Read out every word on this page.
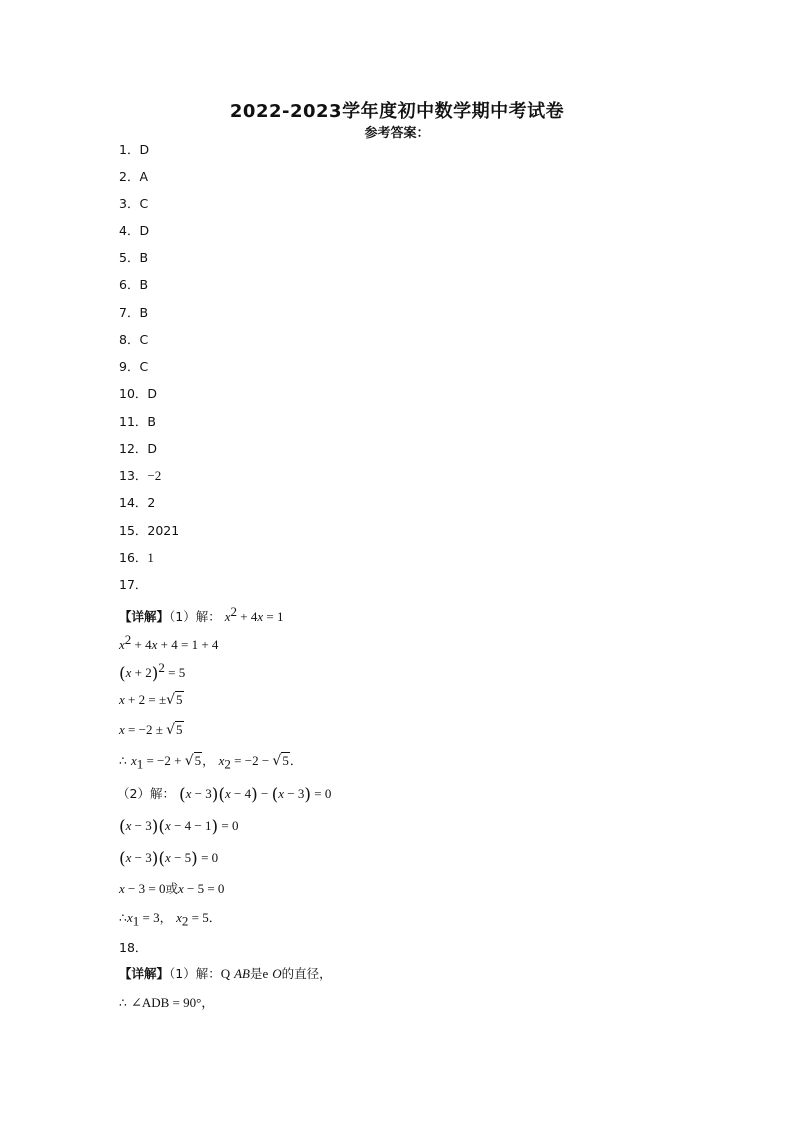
2022-2023学年度初中数学期中考试卷
参考答案：
1．D
2．A
3．C
4．D
5．B
6．B
7．B
8．C
9．C
10．D
11．B
12．D
13．−2
14．2
15．2021
16．1
17．
【详解】（1）解： $x^2 + 4x = 1$
$x^2 + 4x + 4 = 1 + 4$
$(x + 2)^2 = 5$
x + 2 = ±√5
x = −2 ± √5
∴ $x_1 = -2 + √5$， $x_2 = -2 - √5$．
（2）解： (x − 3)(x − 4) − (x − 3) = 0
(x − 3)(x − 4 − 1) = 0
(x − 3)(x − 5) = 0
x − 3 = 0或x − 5 = 0
$\therefore x_1 = 3$， $x_2 = 5$．
18．
【详解】（1）解：Q AB是e O的直径，
∴ ∠ADB = 90°，
